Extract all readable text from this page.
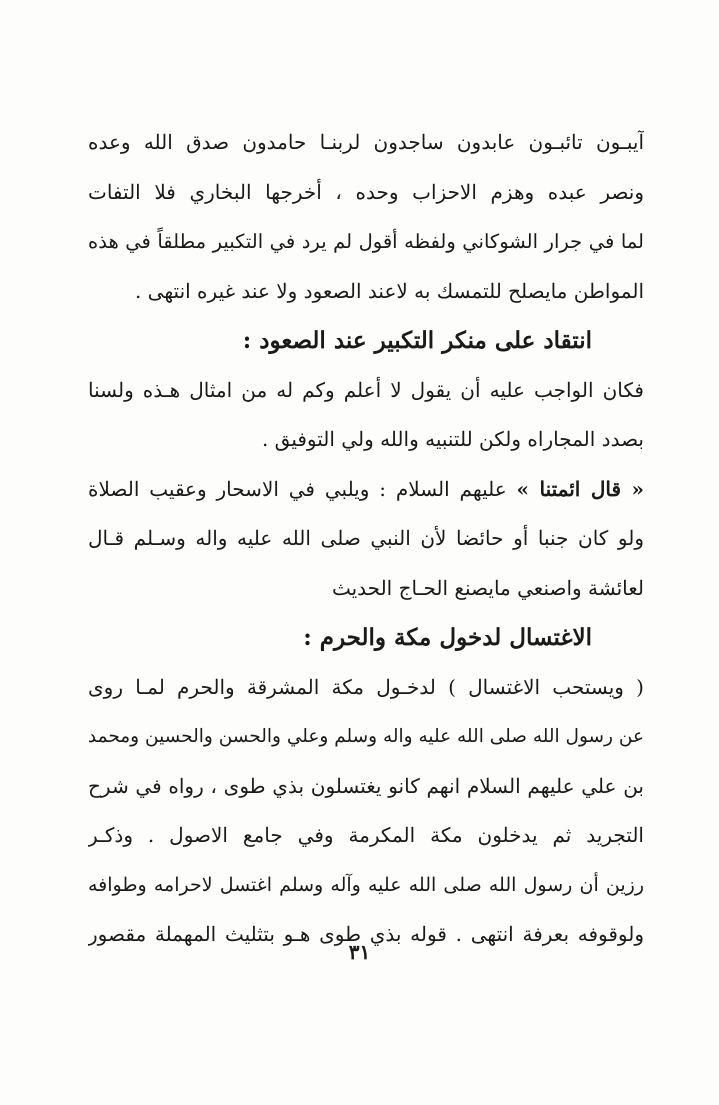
آيبـون تائبـون عابدون ساجدون لربنـا حامدون صدق الله وعده
ونصر عبده وهزم الاحزاب وحده ، أخرجها البخاري فلا التفات
لما في جرار الشوكاني ولفظه أقول لم يرد في التكبير مطلقاً في هذه
المواطن مايصلح للتمسك به لاعند الصعود ولا عند غيره انتهى .
انتقاد على منكر التكبير عند الصعود :
فكان الواجب عليه أن يقول لا أعلم وكم له من امثال هـذه ولسنا
بصدد المجاراه ولكن للتنبيه والله ولي التوفيق .
« قال ائمتنا » عليهم السلام : ويلبي في الاسحار وعقيب الصلاة
ولو كان جنبا أو حائضا لأن النبي صلى الله عليه واله وسـلم قـال
لعائشة واصنعي مايصنع الحـاج الحديث
الاغتسال لدخول مكة والحرم :
( ويستحب الاغتسال ) لدخـول مكة المشرقة والحرم لمـا روى
عن رسول الله صلى الله عليه واله وسلم وعلي والحسن والحسين ومحمد
بن علي عليهم السلام انهم كانو يغتسلون بذي طوى ، رواه في شرح
التجريد ثم يدخلون مكة المكرمة وفي جامع الاصول . وذكـر
رزين أن رسول الله صلى الله عليه وآله وسلم اغتسل لاحرامه وطوافه
ولوقوفه بعرفة انتهى . قوله بذي طوى هـو بتثليث المهملة مقصور
٣١
